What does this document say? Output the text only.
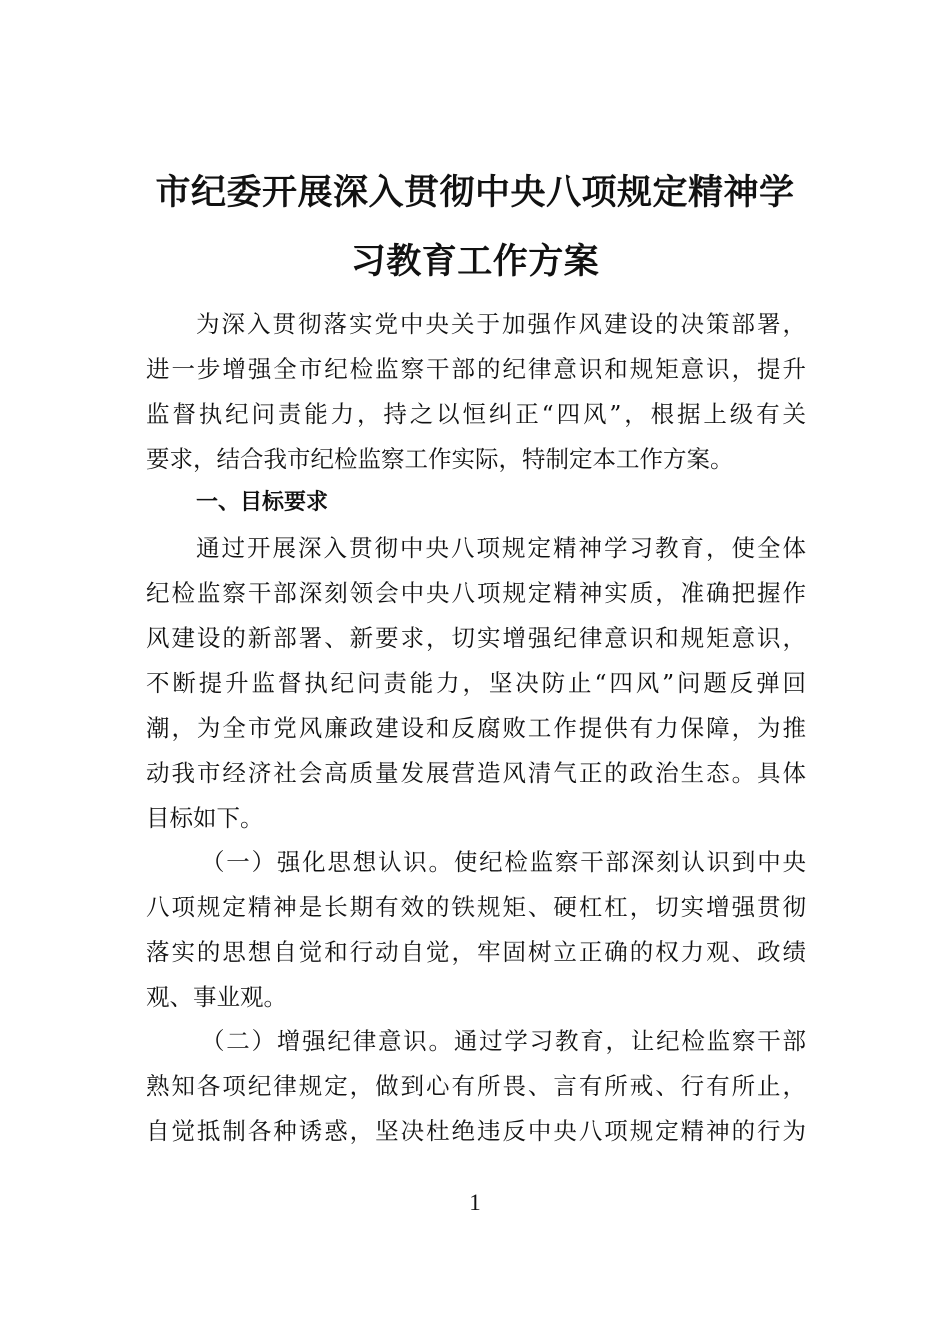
市纪委开展深入贯彻中央八项规定精神学
习教育工作方案

为深入贯彻落实党中央关于加强作风建设的决策部署，

进一步增强全市纪检监察干部的纪律意识和规矩意识，提升

监督执纪问责能力，持之以恒纠正“四风”，根据上级有关

要求，结合我市纪检监察工作实际，特制定本工作方案。

一、目标要求

通过开展深入贯彻中央八项规定精神学习教育，使全体

纪检监察干部深刻领会中央八项规定精神实质，准确把握作

风建设的新部署、新要求，切实增强纪律意识和规矩意识，

不断提升监督执纪问责能力，坚决防止“四风”问题反弹回

潮，为全市党风廉政建设和反腐败工作提供有力保障，为推

动我市经济社会高质量发展营造风清气正的政治生态。具体

目标如下。

（一）强化思想认识。使纪检监察干部深刻认识到中央

八项规定精神是长期有效的铁规矩、硬杠杠，切实增强贯彻

落实的思想自觉和行动自觉，牢固树立正确的权力观、政绩

观、事业观。

（二）增强纪律意识。通过学习教育，让纪检监察干部

熟知各项纪律规定，做到心有所畏、言有所戒、行有所止，

自觉抵制各种诱惑，坚决杜绝违反中央八项规定精神的行为

1
